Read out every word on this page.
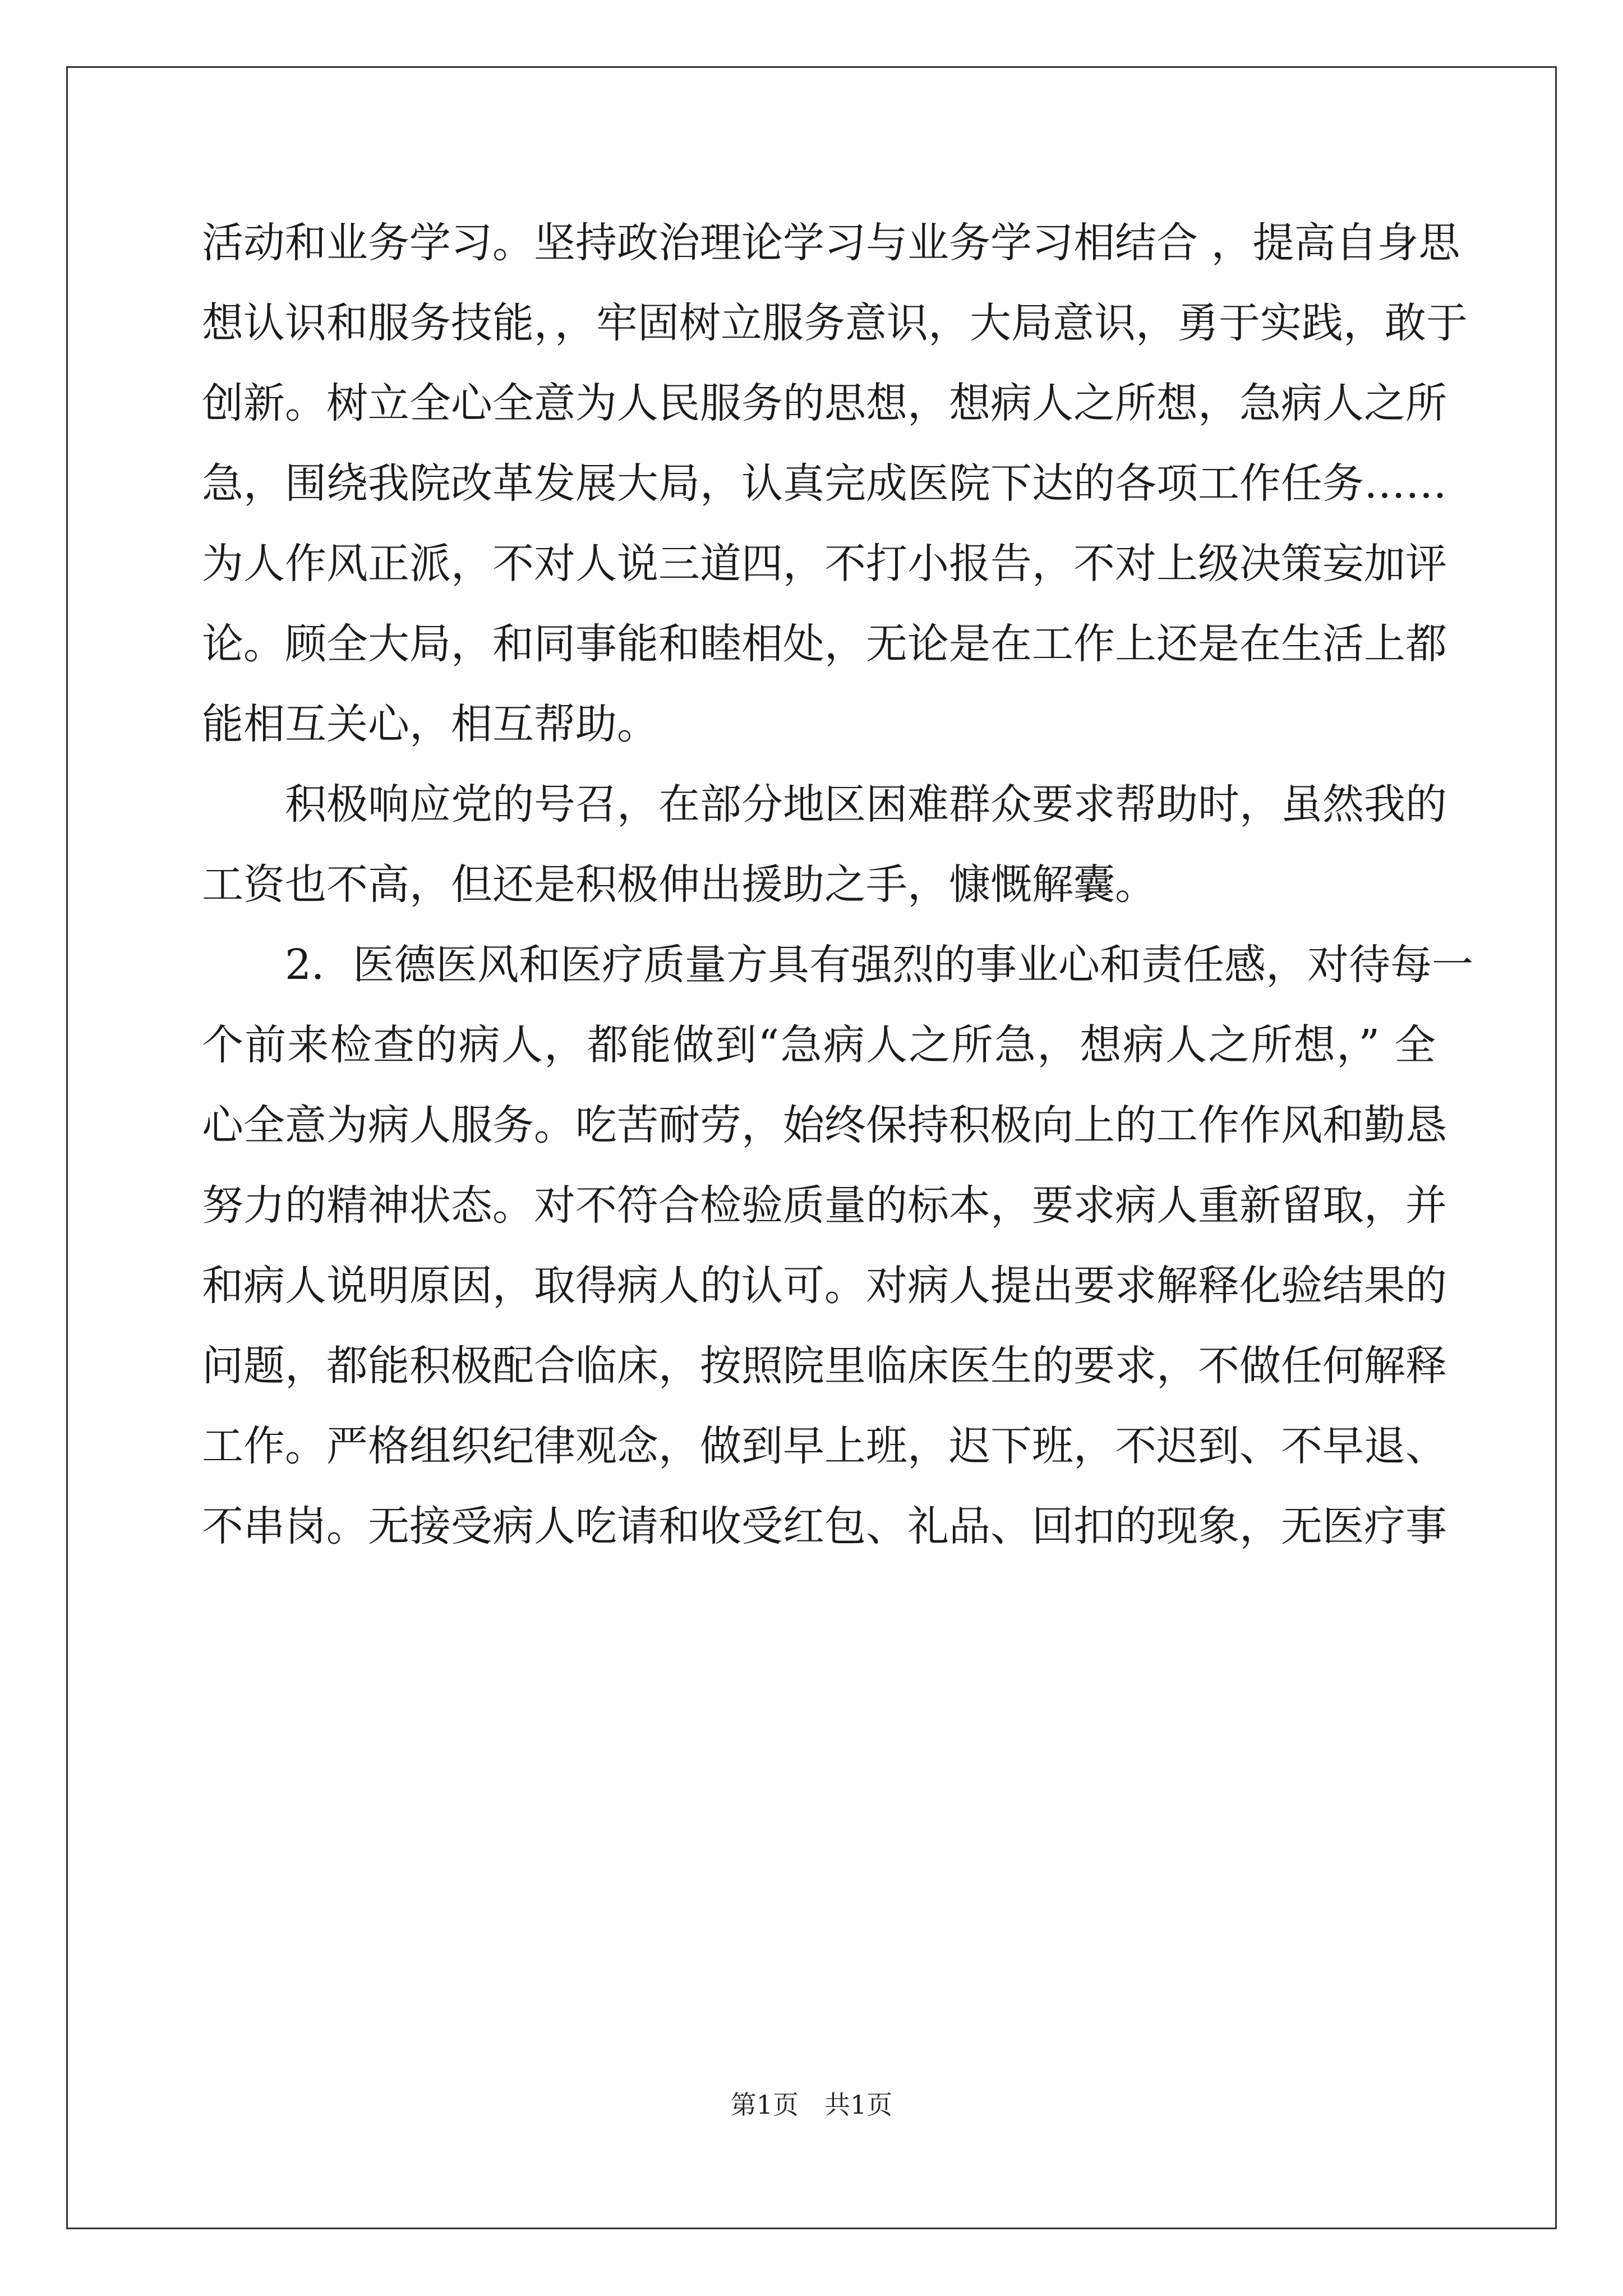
活动和业务学习。坚持政治理论学习与业务学习相结合 ，提高自身思
想认识和服务技能，，牢固树立服务意识，大局意识，勇于实践，敢于
创新。树立全心全意为人民服务的思想，想病人之所想，急病人之所
急，围绕我院改革发展大局，认真完成医院下达的各项工作任务……
为人作风正派，不对人说三道四，不打小报告，不对上级决策妄加评
论。顾全大局，和同事能和睦相处，无论是在工作上还是在生活上都
能相互关心，相互帮助。
积极响应党的号召，在部分地区困难群众要求帮助时，虽然我的
工资也不高，但还是积极伸出援助之手，慷慨解囊。
2．医德医风和医疗质量方具有强烈的事业心和责任感，对待每一
个前来检查的病人，都能做到“急病人之所急，想病人之所想，” 全
心全意为病人服务。吃苦耐劳，始终保持积极向上的工作作风和勤恳
努力的精神状态。对不符合检验质量的标本，要求病人重新留取，并
和病人说明原因，取得病人的认可。对病人提出要求解释化验结果的
问题，都能积极配合临床，按照院里临床医生的要求，不做任何解释
工作。严格组织纪律观念，做到早上班，迟下班，不迟到、不早退、
不串岗。无接受病人吃请和收受红包、礼品、回扣的现象，无医疗事
第1页 共1页
